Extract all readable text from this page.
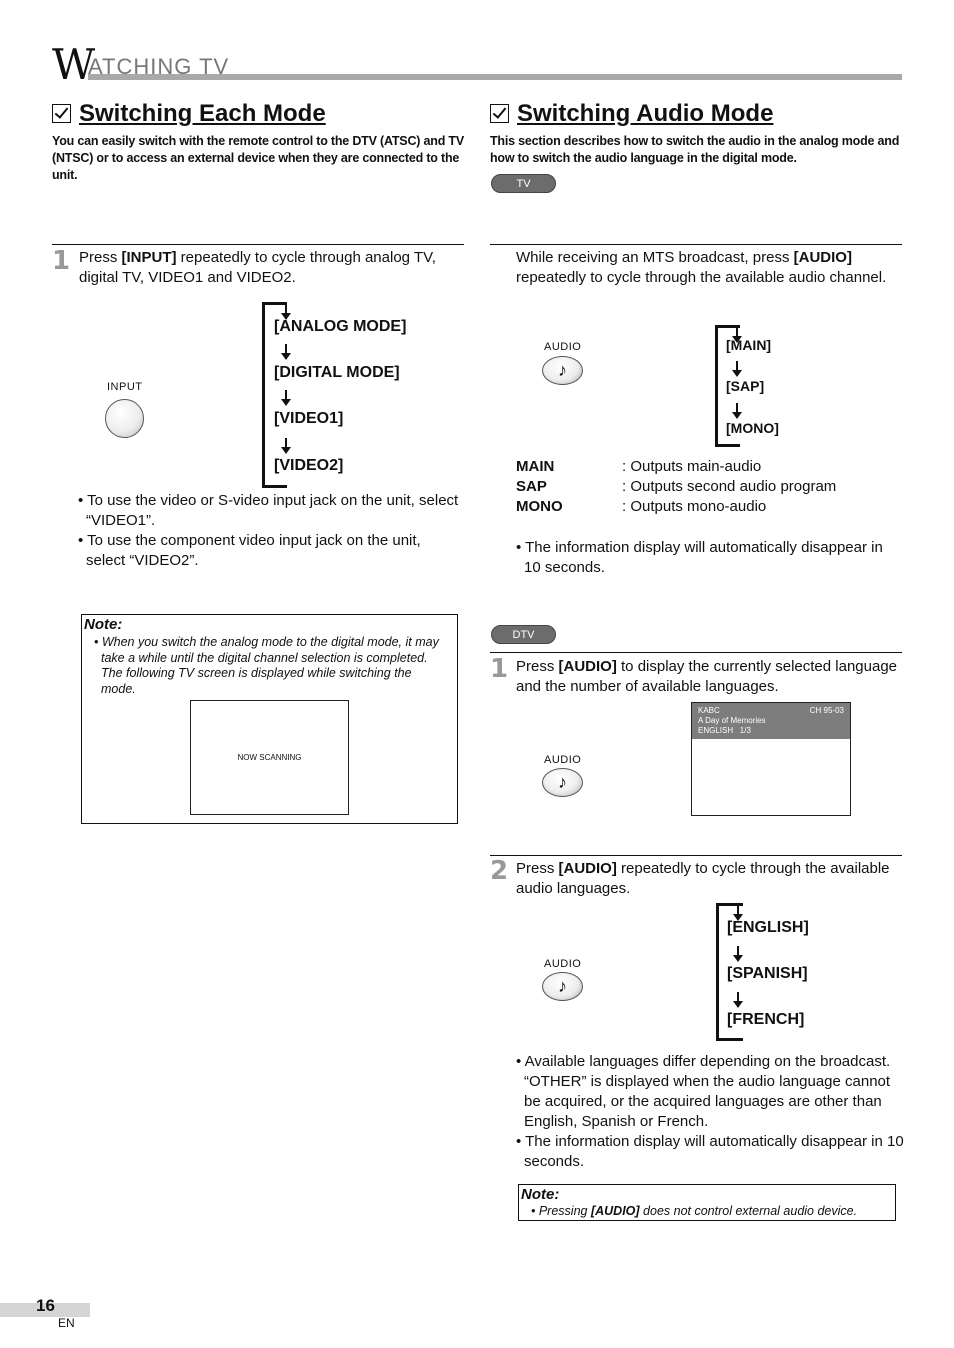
W
ATCHING TV
Switching Each Mode
You can easily switch with the remote control to the DTV (ATSC) and TV (NTSC) or to access an external device when they are connected to the unit.
1 Press [INPUT] repeatedly to cycle through analog TV, digital TV, VIDEO1 and VIDEO2.
INPUT
[ANALOG MODE]
[DIGITAL MODE]
[VIDEO1]
[VIDEO2]
• To use the video or S-video input jack on the unit, select “VIDEO1”.
• To use the component video input jack on the unit, select “VIDEO2”.
Note:
• When you switch the analog mode to the digital mode, it may take a while until the digital channel selection is completed. The following TV screen is displayed while switching the mode.
NOW SCANNING
Switching Audio Mode
This section describes how to switch the audio in the analog mode and how to switch the audio language in the digital mode.
TV
While receiving an MTS broadcast, press [AUDIO] repeatedly to cycle through the available audio channel.
AUDIO
♪
[MAIN]
[SAP]
[MONO]
MAIN	: Outputs main-audio
SAP	: Outputs second audio program
MONO	: Outputs mono-audio
• The information display will automatically disappear in 10 seconds.
DTV
1 Press [AUDIO] to display the currently selected language and the number of available languages.
AUDIO
♪
KABC	CH 95-03
A Day of Memories
ENGLISH   1/3
2 Press [AUDIO] repeatedly to cycle through the available audio languages.
AUDIO
♪
[ENGLISH]
[SPANISH]
[FRENCH]
• Available languages differ depending on the broadcast. “OTHER” is displayed when the audio language cannot be acquired, or the acquired languages are other than English, Spanish or French.
• The information display will automatically disappear in 10 seconds.
Note:
• Pressing [AUDIO] does not control external audio device.
16
EN
